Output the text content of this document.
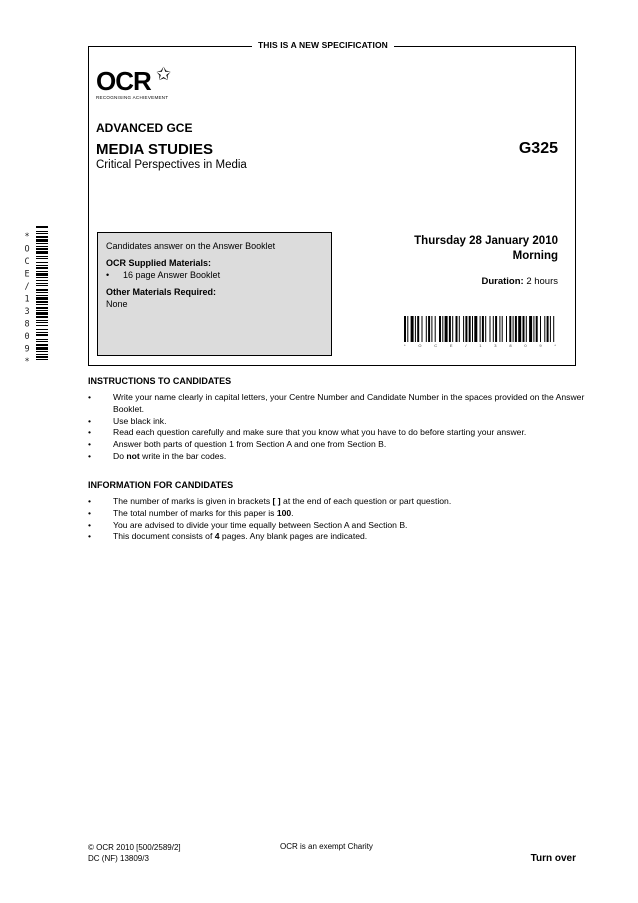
THIS IS A NEW SPECIFICATION
OCR ✩
RECOGNISING ACHIEVEMENT
ADVANCED GCE
MEDIA STUDIES	G325
Critical Perspectives in Media
Candidates answer on the Answer Booklet
OCR Supplied Materials:
•	16 page Answer Booklet
Other Materials Required:
None
Thursday 28 January 2010
Morning
Duration: 2 hours
*	O	C	E	/	1	3	8	0	9	*
*OCE/13809*
INSTRUCTIONS TO CANDIDATES
•	Write your name clearly in capital letters, your Centre Number and Candidate Number in the spaces provided on the Answer Booklet.
•	Use black ink.
•	Read each question carefully and make sure that you know what you have to do before starting your answer.
•	Answer both parts of question 1 from Section A and one from Section B.
•	Do not write in the bar codes.
INFORMATION FOR CANDIDATES
•	The number of marks is given in brackets [ ] at the end of each question or part question.
•	The total number of marks for this paper is 100.
•	You are advised to divide your time equally between Section A and Section B.
•	This document consists of 4 pages. Any blank pages are indicated.
© OCR 2010 [500/2589/2]
DC (NF) 13809/3
OCR is an exempt Charity
Turn over
